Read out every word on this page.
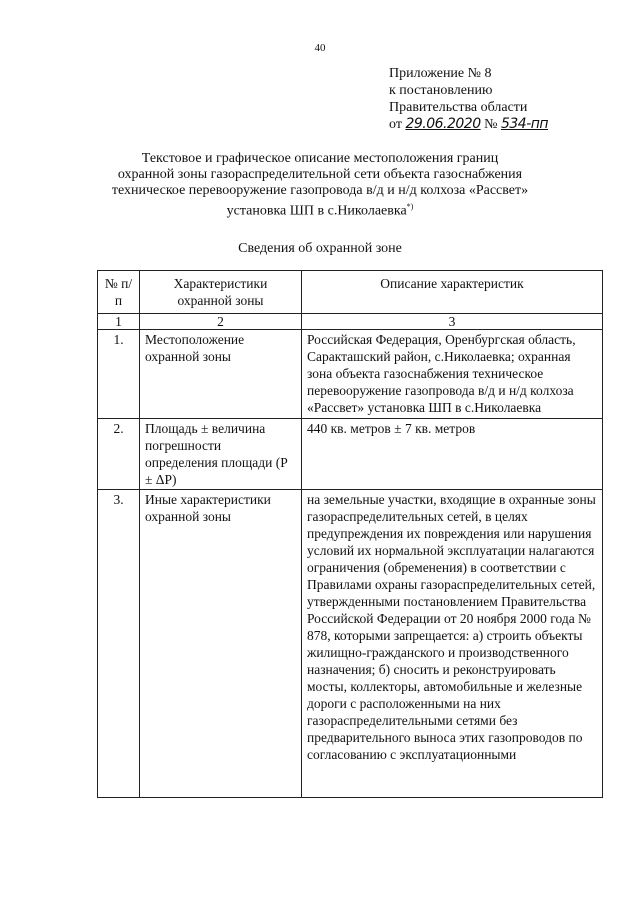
40
Приложение № 8
к постановлению
Правительства области
от 29.06.2020 № 534-пп
Текстовое и графическое описание местоположения границ
охранной зоны газораспределительной сети объекта газоснабжения
техническое перевооружение газопровода в/д и н/д колхоза «Рассвет»
установка ШП в с.Николаевка*)
Сведения об охранной зоне
№ п/п	Характеристики охранной зоны	Описание характеристик
1	2	3
1.	Местоположение охранной зоны	Российская Федерация, Оренбургская область, Саракташский район, с.Николаевка; охранная зона объекта газоснабжения техническое перевооружение газопровода в/д и н/д колхоза «Рассвет» установка ШП в с.Николаевка
2.	Площадь ± величина погрешности определения площади (P ± ΔP)	440 кв. метров ± 7 кв. метров
3.	Иные характеристики охранной зоны	на земельные участки, входящие в охранные зоны газораспределительных сетей, в целях предупреждения их повреждения или нарушения условий их нормальной эксплуатации налагаются ограничения (обременения) в соответствии с Правилами охраны газораспределительных сетей, утвержденными постановлением Правительства Российской Федерации от 20 ноября 2000 года № 878, которыми запрещается: а) строить объекты жилищно-гражданского и производственного назначения; б) сносить и реконструировать мосты, коллекторы, автомобильные и железные дороги с расположенными на них газораспределительными сетями без предварительного выноса этих газопроводов по согласованию с эксплуатационными
